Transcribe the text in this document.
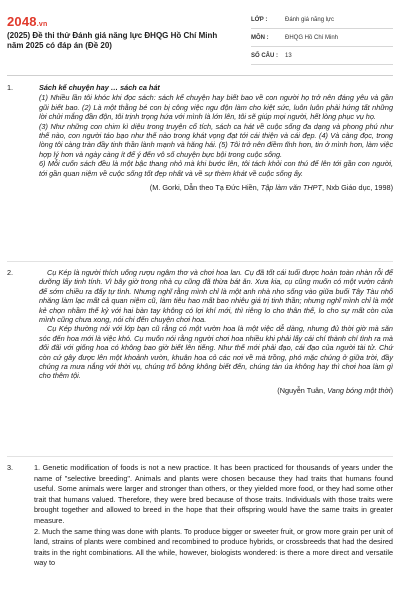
2048.vn
(2025) Đề thi thử Đánh giá năng lực ĐHQG Hồ Chí Minh năm 2025 có đáp án (Đề 20)
LỚP :	Đánh giá năng lực
MÔN :	ĐHQG Hồ Chí Minh
SỐ CÂU : 13
1.	Sách kể chuyện hay … sách ca hát

(1) Nhiều lần tôi khóc khi đọc sách: sách kể chuyện hay biết bao về con người họ trở nên đáng yêu và gần gũi biết bao. (2) Là một thằng bé con bị công việc ngu độn làm cho kiệt sức, luôn luôn phải hứng tất những lời chửi mắng đần độn, tôi trịnh trọng hứa với mình là lớn lên, tôi sẽ giúp mọi người, hết lòng phục vụ họ.

(3) Như những con chim kì diệu trong truyện cổ tích, sách ca hát về cuộc sống đa dạng và phong phú như thế nào, con người táo bạo như thế nào trong khát vọng đạt tới cái thiện và cái đẹp. (4) Và càng đọc, trong lòng tôi càng tràn đầy tinh thần lành mạnh và hăng hái. (5) Tôi trở nên điềm tĩnh hơn, tin ở mình hơn, làm việc hợp lý hơn và ngày càng ít để ý đến vô số chuyện bực bội trong cuộc sống.

6) Mỗi cuốn sách đều là một bậc thang nhỏ mà khi bước lên, tôi tách khỏi con thú để lên tới gần con người, tới gần quan niệm về cuộc sống tốt đẹp nhất và về sự thèm khát về cuộc sống ấy.

(M. Gorki, Dẫn theo Tạ Đức Hiền, Tập làm văn THPT, Nxb Giáo dục, 1998)

2.	Cụ Kép là người thích uống rượu ngâm thơ và chơi hoa lan. Cụ đã tốt cái tuổi được hoàn toàn nhàn rỗi để dưỡng lấy tinh tính. Vì bây giờ trong nhà cụ cũng đã thừa bát ăn. Xưa kia, cụ cũng muốn có một vườn cảnh để sớm chiều ra đấy tự tình. Nhưng nghĩ rằng mình chỉ là một anh nhà nho sống vào giữa buổi Tây Tàu nhố nhăng làm lạc mất cả quan niệm cũ, làm tiêu hao mất bao nhiêu giá trị tinh thần; nhưng nghĩ mình chỉ là một kẻ chọn nhầm thế kỷ với hai bàn tay không có lợi khí mới, thì riêng lo cho thân thế, lo cho sự mất còn của mình cũng chưa xong, nói chi đến chuyện chơi hoa.

Cụ Kép thường nói với lớp bạn cũ rằng có một vườn hoa là một việc dễ dàng, nhưng đủ thời giờ mà săn sóc đến hoa mới là việc khó. Cụ muốn nói rằng người chơi hoa nhiều khi phải lấy cái chí thành chí tình ra mà đối đãi với giống hoa có không bao giờ biết lên tiếng. Như thế mới phải đạo, cái đạo của người tài tử. Chứ còn cứ gây được lên một khoảnh vườn, khuân hoa cỏ các nơi về mà trồng, phó mặc chúng ở giữa trời, đầy chúng ra mưa nắng với thời vụ, chúng trổ bông không biết đến, chúng tàn úa không hay thì chơi hoa làm gì cho thêm tội.

(Nguyễn Tuân, Vang bóng một thời)

3.	1. Genetic modification of foods is not a new practice. It has been practiced for thousands of years under the name of "selective breeding". Animals and plants were chosen because they had traits that humans found useful. Some animals were larger and stronger than others, or they yielded more food, or they had some other trait that humans valued. Therefore, they were bred because of those traits. Individuals with those traits were brought together and allowed to breed in the hope that their offspring would have the same traits in greater measure.

2. Much the same thing was done with plants. To produce bigger or sweeter fruit, or grow more grain per unit of land, strains of plants were combined and recombined to produce hybrids, or crossbreeds that had the desired traits in the right combinations. All the while, however, biologists wondered: is there a more direct and versatile way to
